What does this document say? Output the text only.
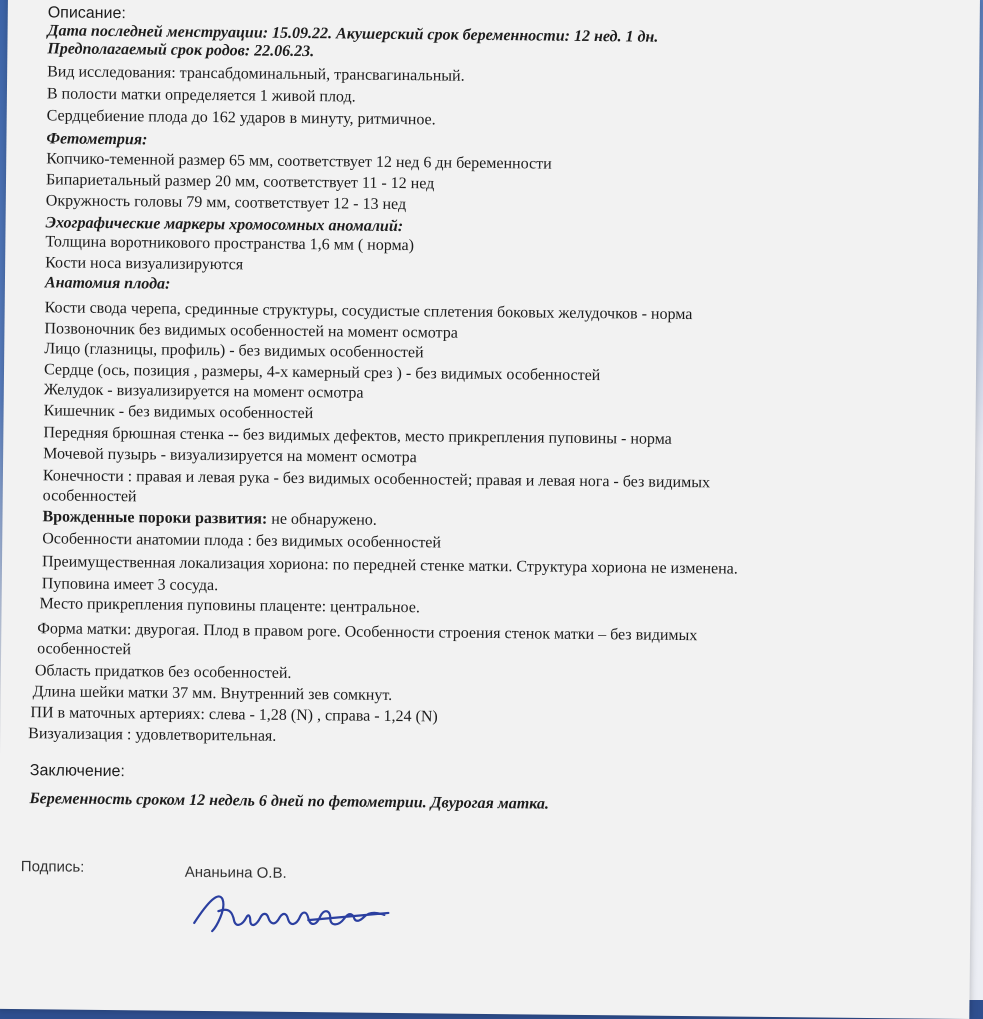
Описание:
Дата последней менструации: 15.09.22. Акушерский срок беременности: 12 нед. 1 дн.
Предполагаемый срок родов: 22.06.23.
Вид исследования: трансабдоминальный, трансвагинальный.
В полости матки определяется 1 живой плод.
Сердцебиение плода до 162 ударов в минуту, ритмичное.
Фетометрия:
Копчико-теменной размер 65 мм, соответствует 12 нед 6 дн беременности
Бипариетальный размер 20 мм, соответствует 11 - 12 нед
Окружность головы 79 мм, соответствует 12 - 13 нед
Эхографические маркеры хромосомных аномалий:
Толщина воротникового пространства 1,6 мм ( норма)
Кости носа визуализируются
Анатомия плода:
Кости свода черепа, срединные структуры, сосудистые сплетения боковых желудочков - норма
Позвоночник без видимых особенностей на момент осмотра
Лицо (глазницы, профиль) - без видимых особенностей
Сердце (ось, позиция , размеры, 4-х камерный срез ) - без видимых особенностей
Желудок - визуализируется на момент осмотра
Кишечник - без видимых особенностей
Передняя брюшная стенка -- без видимых дефектов, место прикрепления пуповины - норма
Мочевой пузырь - визуализируется на момент осмотра
Конечности : правая и левая рука - без видимых особенностей; правая и левая нога - без видимых
особенностей
Врожденные пороки развития: не обнаружено.
Особенности анатомии плода : без видимых особенностей
Преимущественная локализация хориона: по передней стенке матки. Структура хориона не изменена.
Пуповина имеет 3 сосуда.
Место прикрепления пуповины плаценте: центральное.
Форма матки: двурогая. Плод в правом роге. Особенности строения стенок матки – без видимых
особенностей
Область придатков без особенностей.
Длина шейки матки 37 мм. Внутренний зев сомкнут.
ПИ в маточных артериях: слева - 1,28 (N) , справа - 1,24 (N)
Визуализация : удовлетворительная.
Заключение:
Беременность сроком 12 недель 6 дней по фетометрии. Двурогая матка.
Подпись:	Ананьина О.В.
